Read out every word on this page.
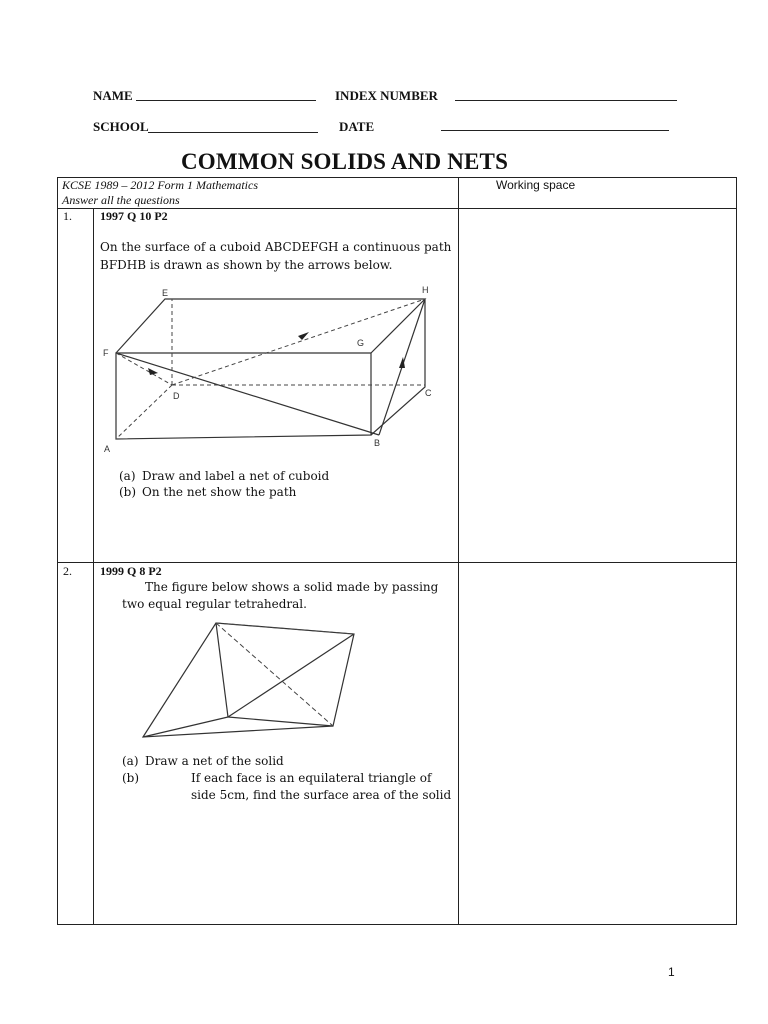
NAME	INDEX NUMBER
SCHOOL	DATE
COMMON SOLIDS AND NETS
KCSE 1989 – 2012 Form 1 Mathematics
Answer all the questions
Working space
1. 1997 Q 10 P2
On the surface of a cuboid ABCDEFGH a continuous path
BFDHB is drawn as shown by the arrows below.
E	H
F
G
D	C
A
B
(a) Draw and label a net of cuboid
(b) On the net show the path
2. 1999 Q 8 P2
The figure below shows a solid made by passing
two equal regular tetrahedral.
(a) Draw a net of the solid
(b)	If each face is an equilateral triangle of
side 5cm, find the surface area of the solid
1
